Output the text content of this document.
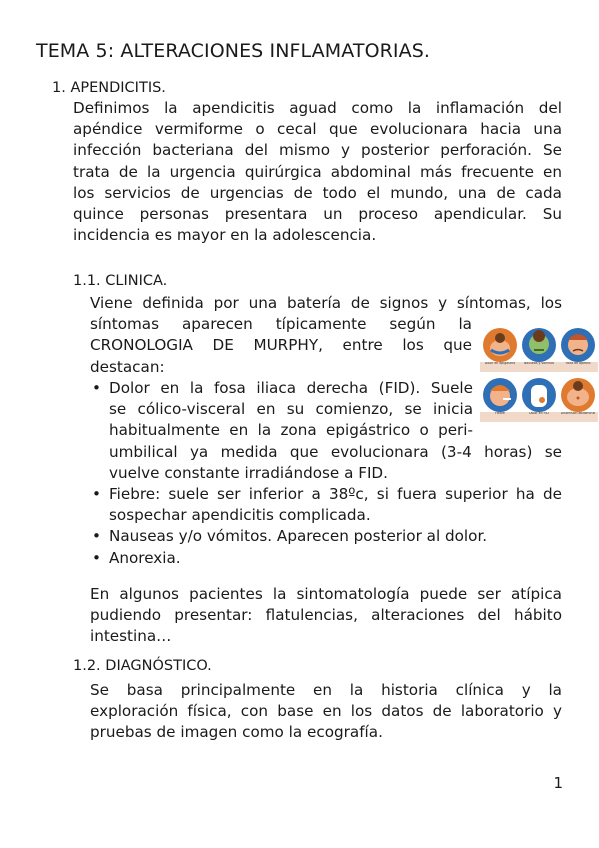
TEMA 5: ALTERACIONES INFLAMATORIAS.
1. APENDICITIS.
Definimos la apendicitis aguad como la inflamación del
apéndice vermiforme o cecal que evolucionara hacia una
infección bacteriana del mismo y posterior perforación. Se
trata de la urgencia quirúrgica abdominal más frecuente en
los servicios de urgencias de todo el mundo, una de cada
quince personas presentara un proceso apendicular. Su
incidencia es mayor en la adolescencia.
1.1. CLINICA.
Viene definida por una batería de signos y síntomas, los
síntomas aparecen típicamente según la
CRONOLOGIA DE MURPHY, entre los que
destacan:
• Dolor en la fosa iliaca derecha (FID). Suele
se cólico-visceral en su comienzo, se inicia
habitualmente en la zona epigástrico o peri-
umbilical ya medida que evolucionara (3-4 horas) se
vuelve constante irradiándose a FID.
• Fiebre: suele ser inferior a 38ºc, si fuera superior ha de
sospechar apendicitis complicada.
• Nauseas y/o vómitos. Aparecen posterior al dolor.
• Anorexia.
En algunos pacientes la sintomatología puede ser atípica
pudiendo presentar: flatulencias, alteraciones del hábito
intestina…
1.2. DIAGNÓSTICO.
Se basa principalmente en la historia clínica y la
exploración física, con base en los datos de laboratorio y
pruebas de imagen como la ecografía.
Dolor en epigastrio	Náuseas y vómitos	Falta de apetito
Fiebre	Dolor en FID	Distensión abdominal
1
